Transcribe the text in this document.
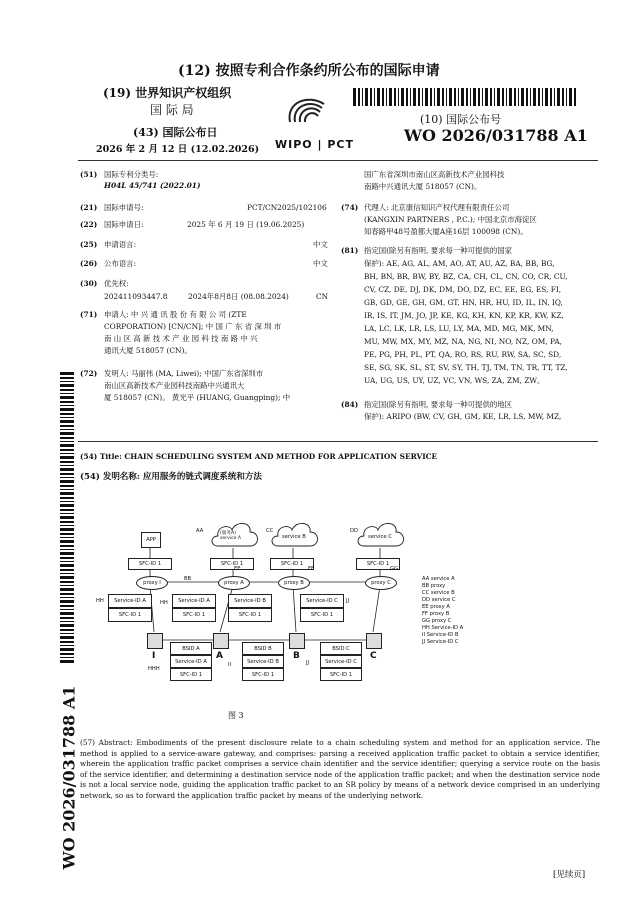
(12) 按照专利合作条约所公布的国际申请
(19) 世界知识产权组织
国 际 局
(43) 国际公布日
2026 年 2 月 12 日 (12.02.2026) WIPO | PCT
(10) 国际公布号
WO 2026/031788 A1
(51) 国际专利分类号:
H04L 45/741 (2022.01)
(21) 国际申请号:	PCT/CN2025/102106
(22) 国际申请日:	2025 年 6 月 19 日 (19.06.2025)
(25) 申请语言:	中文
(26) 公布语言:	中文
(30) 优先权:
202411093447.8	2024年8月8日 (08.08.2024)	CN
(71) 申请人: 中 兴 通 讯 股 份 有 限 公 司 (ZTE
CORPORATION) [CN/CN]; 中 国 广 东 省 深 圳 市
南 山 区 高 新 技 术 产 业 园 科 技 南 路 中 兴
通讯大厦 518057 (CN)。
(72) 发明人: 马丽伟 (MA, Liwei); 中国广东省深圳市
南山区高新技术产业园科技南路中兴通讯大
厦 518057 (CN)。 黄光平 (HUANG, Guangping); 中
国广东省深圳市南山区高新技术产业园科技
南路中兴通讯大厦 518057 (CN)。
(74) 代理人: 北京康信知识产权代理有限责任公司
(KANGXIN PARTNERS , P.C.); 中国北京市海淀区
知春路甲48号盈都大厦A座16层 100098 (CN)。
(81) 指定国(除另有指明, 要求每一种可提供的国家
保护): AE, AG, AL, AM, AO, AT, AU, AZ, BA, BB, BG,
BH, BN, BR, BW, BY, BZ, CA, CH, CL, CN, CO, CR, CU,
CV, CZ, DE, DJ, DK, DM, DO, DZ, EC, EE, EG, ES, FI,
GB, GD, GE, GH, GM, GT, HN, HR, HU, ID, IL, IN, IQ,
IR, IS, IT, JM, JO, JP, KE, KG, KH, KN, KP, KR, KW, KZ,
LA, LC, LK, LR, LS, LU, LY, MA, MD, MG, MK, MN,
MU, MW, MX, MY, MZ, NA, NG, NI, NO, NZ, OM, PA,
PE, PG, PH, PL, PT, QA, RO, RS, RU, RW, SA, SC, SD,
SE, SG, SK, SL, ST, SV, SY, TH, TJ, TM, TN, TR, TT, TZ,
UA, UG, US, UY, UZ, VC, VN, WS, ZA, ZM, ZW。
(84) 指定国(除另有指明, 要求每一种可提供的地区
保护): ARIPO (BW, CV, GH, GM, KE, LR, LS, MW, MZ,
(54) Title: CHAIN SCHEDULING SYSTEM AND METHOD FOR APPLICATION SERVICE
(54) 发明名称: 应用服务的链式调度系统和方法
APP
(服务A)
service A	service B	service C
SFC-ID 1	SFC-ID 1	SFC-ID 1	SFC-ID 1
proxy I	proxy A	proxy B	proxy C
Service-ID A
SFC-ID 1
Service-ID A
SFC-ID 1
Service-ID B
SFC-ID 1
Service-ID C
SFC-ID 1
I	A	B	C
BSID A
Service-ID A
SFC-ID 1
BSID B
Service-ID B
SFC-ID 1
BSID C
Service-ID C
SFC-ID 1
AA	CC	DD
BB
EE	FF	GG
HH	HH	JJ
HHH
II	JJ
AA service A
BB proxy
CC service B
DD service C
EE proxy A
FF proxy B
GG proxy C
HH Service-ID A
II Service-ID B
JJ Service-ID C
图 3
(57) Abstract: Embodiments of the present disclosure relate to a chain scheduling system and method for an application service. The method is applied to a service-aware gateway, and comprises: parsing a received application traffic packet to obtain a service identifier, wherein the application traffic packet comprises a service chain identifier and the service identifier; querying a service route on the basis of the service identifier, and determining a destination service node of the application traffic packet; and when the destination service node is not a local service node, guiding the application traffic packet to an SR policy by means of a network device comprised in an underlying network, so as to forward the application traffic packet by means of the underlying network.
WO 2026/031788 A1
[见续页]
